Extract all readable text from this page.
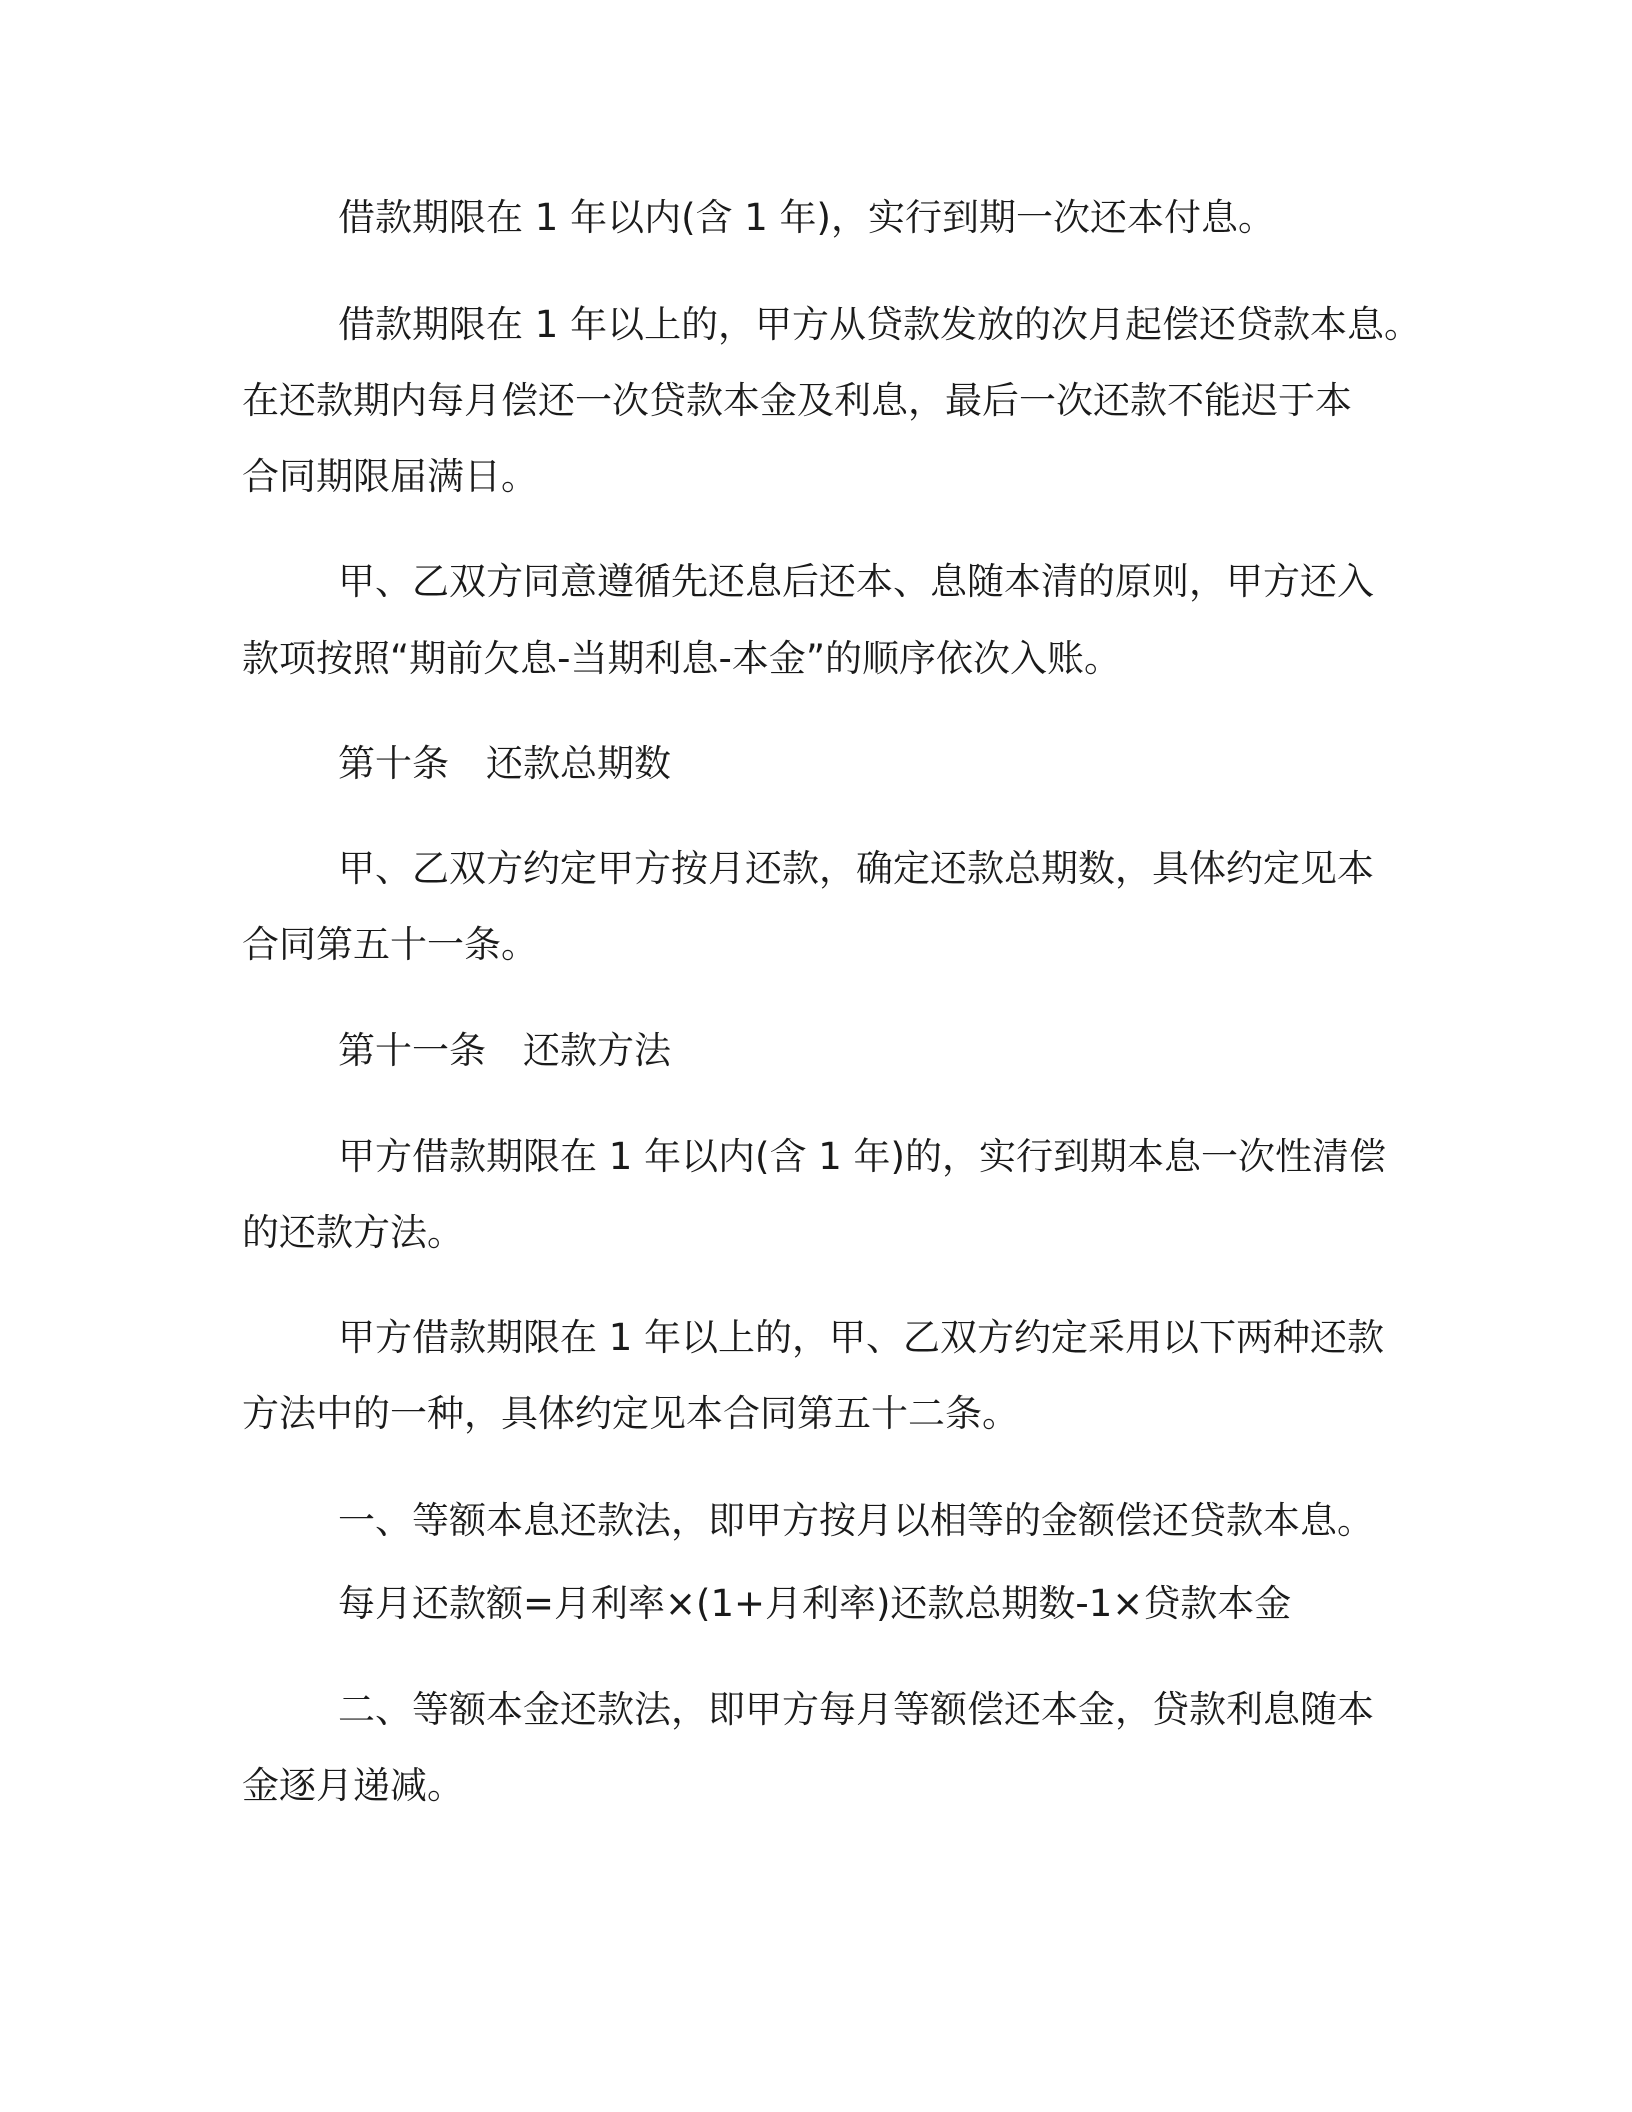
借款期限在 1 年以内(含 1 年)，实行到期一次还本付息。
借款期限在 1 年以上的，甲方从贷款发放的次月起偿还贷款本息。
在还款期内每月偿还一次贷款本金及利息，最后一次还款不能迟于本
合同期限届满日。
甲、乙双方同意遵循先还息后还本、息随本清的原则，甲方还入
款项按照“期前欠息-当期利息-本金”的顺序依次入账。
第十条　还款总期数
甲、乙双方约定甲方按月还款，确定还款总期数，具体约定见本
合同第五十一条。
第十一条　还款方法
甲方借款期限在 1 年以内(含 1 年)的，实行到期本息一次性清偿
的还款方法。
甲方借款期限在 1 年以上的，甲、乙双方约定采用以下两种还款
方法中的一种，具体约定见本合同第五十二条。
一、等额本息还款法，即甲方按月以相等的金额偿还贷款本息。
每月还款额=月利率×(1+月利率)还款总期数-1×贷款本金
二、等额本金还款法，即甲方每月等额偿还本金，贷款利息随本
金逐月递减。
